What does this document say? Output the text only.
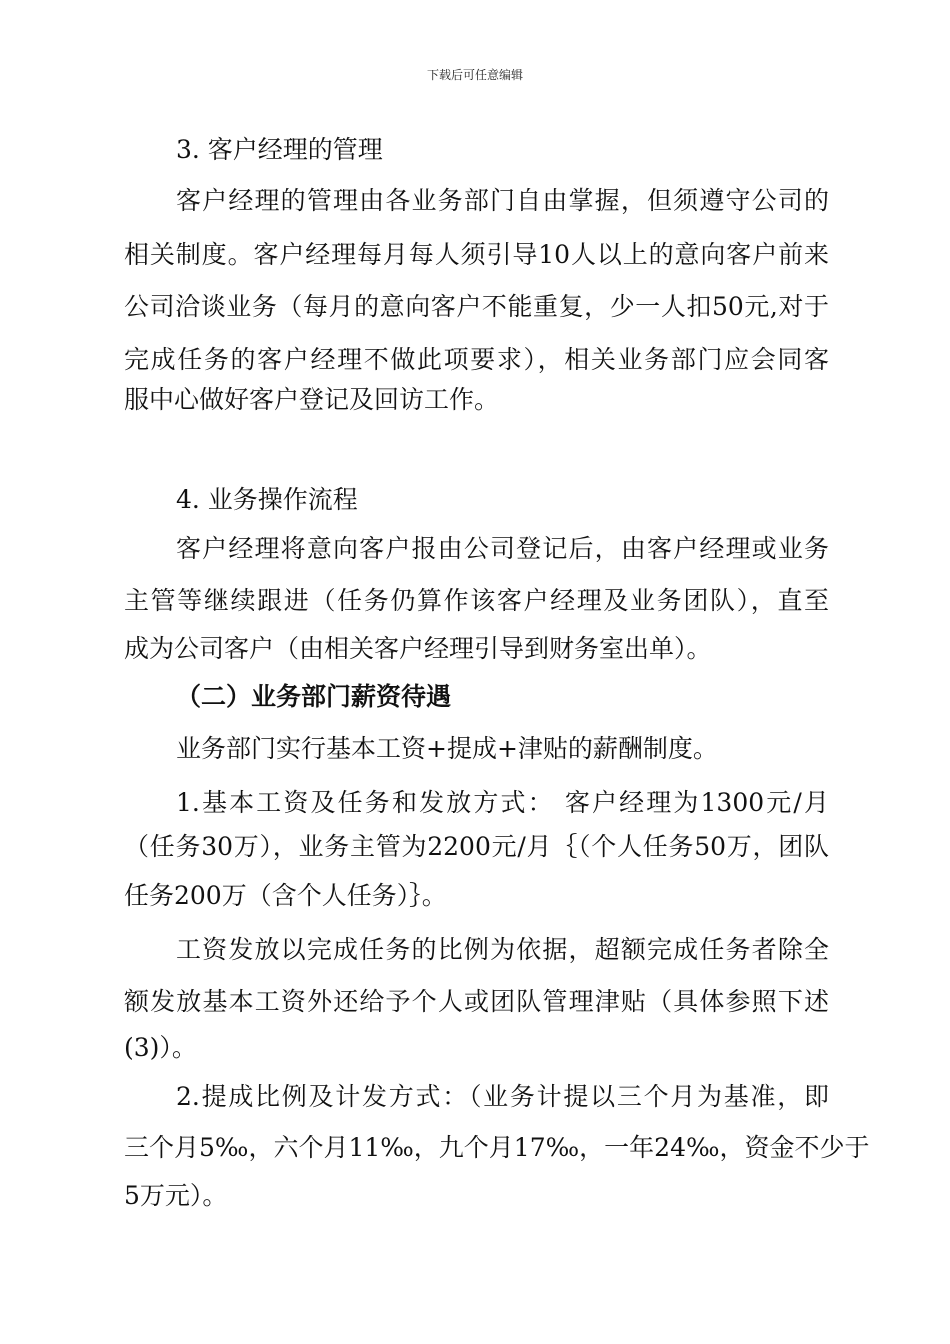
下载后可任意编辑
3. 客户经理的管理
客户经理的管理由各业务部门自由掌握，但须遵守公司的
相关制度。客户经理每月每人须引导10人以上的意向客户前来
公司洽谈业务（每月的意向客户不能重复，少一人扣50元,对于
完成任务的客户经理不做此项要求），相关业务部门应会同客
服中心做好客户登记及回访工作。
4. 业务操作流程
客户经理将意向客户报由公司登记后，由客户经理或业务
主管等继续跟进（任务仍算作该客户经理及业务团队），直至
成为公司客户（由相关客户经理引导到财务室出单）。
（二）业务部门薪资待遇
业务部门实行基本工资+提成+津贴的薪酬制度。
1.基本工资及任务和发放方式： 客户经理为1300元/月
（任务30万），业务主管为2200元/月｛（个人任务50万，团队
任务200万（含个人任务）｝。
工资发放以完成任务的比例为依据，超额完成任务者除全
额发放基本工资外还给予个人或团队管理津贴（具体参照下述
(3)）。
2.提成比例及计发方式：（业务计提以三个月为基准，即
三个月5‰，六个月11‰，九个月17‰，一年24‰，资金不少于
5万元）。
